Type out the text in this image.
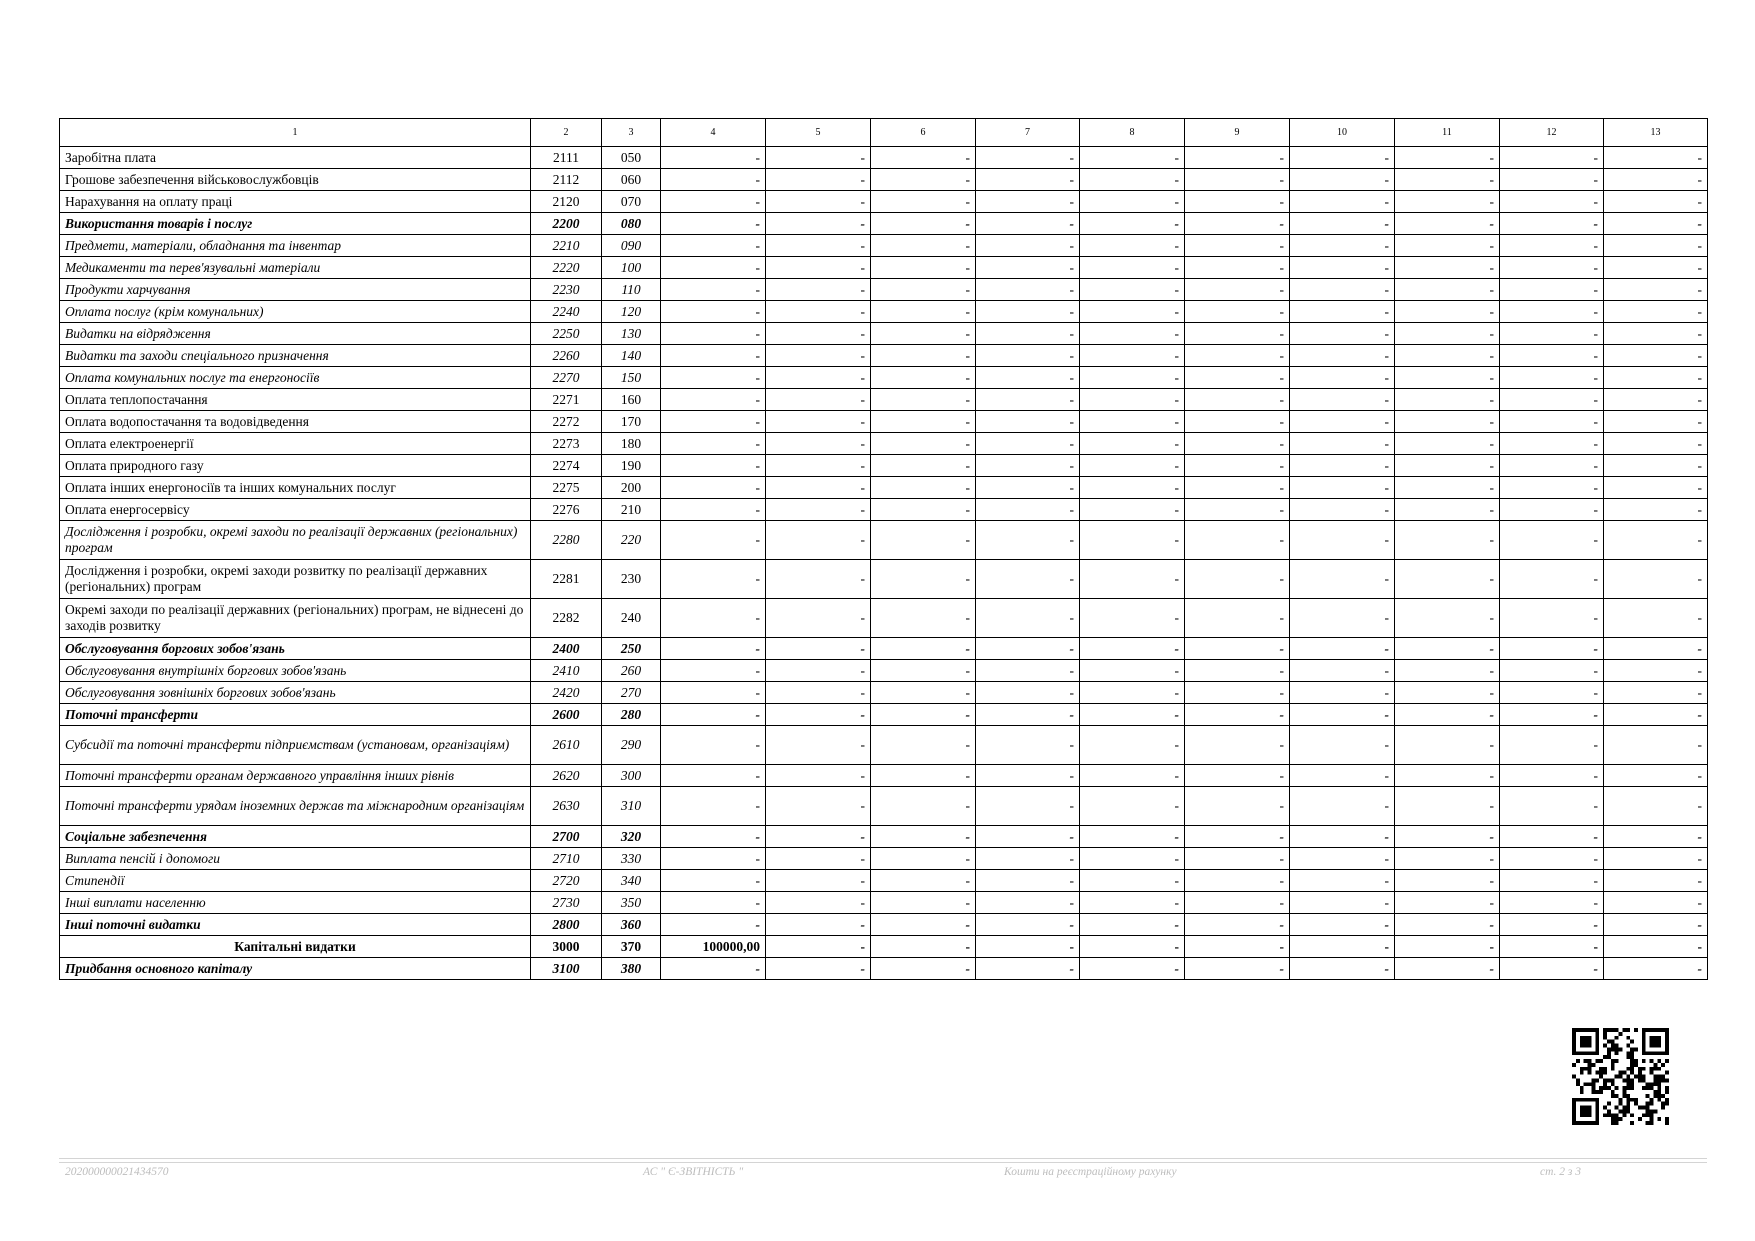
1	2	3	4	5	6	7	8	9	10	11	12	13
Заробітна плата	2111	050	-	-	-	-	-	-	-	-	-	-
Грошове забезпечення військовослужбовців	2112	060	-	-	-	-	-	-	-	-	-	-
Нарахування на оплату праці	2120	070	-	-	-	-	-	-	-	-	-	-
Використання товарів і послуг	2200	080	-	-	-	-	-	-	-	-	-	-
Предмети, матеріали, обладнання та інвентар	2210	090	-	-	-	-	-	-	-	-	-	-
Медикаменти та перев'язувальні матеріали	2220	100	-	-	-	-	-	-	-	-	-	-
Продукти харчування	2230	110	-	-	-	-	-	-	-	-	-	-
Оплата послуг (крім комунальних)	2240	120	-	-	-	-	-	-	-	-	-	-
Видатки на відрядження	2250	130	-	-	-	-	-	-	-	-	-	-
Видатки та заходи спеціального призначення	2260	140	-	-	-	-	-	-	-	-	-	-
Оплата комунальних послуг та енергоносіїв	2270	150	-	-	-	-	-	-	-	-	-	-
Оплата теплопостачання	2271	160	-	-	-	-	-	-	-	-	-	-
Оплата водопостачання та водовідведення	2272	170	-	-	-	-	-	-	-	-	-	-
Оплата електроенергії	2273	180	-	-	-	-	-	-	-	-	-	-
Оплата природного газу	2274	190	-	-	-	-	-	-	-	-	-	-
Оплата інших енергоносіїв та інших комунальних послуг	2275	200	-	-	-	-	-	-	-	-	-	-
Оплата енергосервісу	2276	210	-	-	-	-	-	-	-	-	-	-
Дослідження і розробки, окремі заходи по реалізації державних (регіональних) програм	2280	220	-	-	-	-	-	-	-	-	-	-
Дослідження і розробки, окремі заходи розвитку по реалізації державних (регіональних) програм	2281	230	-	-	-	-	-	-	-	-	-	-
Окремі заходи по реалізації державних (регіональних) програм, не віднесені до заходів розвитку	2282	240	-	-	-	-	-	-	-	-	-	-
Обслуговування боргових зобов'язань	2400	250	-	-	-	-	-	-	-	-	-	-
Обслуговування внутрішніх боргових зобов'язань	2410	260	-	-	-	-	-	-	-	-	-	-
Обслуговування зовнішніх боргових зобов'язань	2420	270	-	-	-	-	-	-	-	-	-	-
Поточні трансферти	2600	280	-	-	-	-	-	-	-	-	-	-
Субсидії та поточні трансферти підприємствам (установам, організаціям)	2610	290	-	-	-	-	-	-	-	-	-	-
Поточні трансферти органам державного управління інших рівнів	2620	300	-	-	-	-	-	-	-	-	-	-
Поточні трансферти урядам іноземних держав та міжнародним організаціям	2630	310	-	-	-	-	-	-	-	-	-	-
Соціальне забезпечення	2700	320	-	-	-	-	-	-	-	-	-	-
Виплата пенсій і допомоги	2710	330	-	-	-	-	-	-	-	-	-	-
Стипендії	2720	340	-	-	-	-	-	-	-	-	-	-
Інші виплати населенню	2730	350	-	-	-	-	-	-	-	-	-	-
Інші поточні видатки	2800	360	-	-	-	-	-	-	-	-	-	-
Капітальні видатки	3000	370	100000,00	-	-	-	-	-	-	-	-	-
Придбання основного капіталу	3100	380	-	-	-	-	-	-	-	-	-	-
202000000021434570	АС " Є-ЗВІТНІСТЬ "	Кошти на реєстраційному рахунку	ст. 2 з 3
